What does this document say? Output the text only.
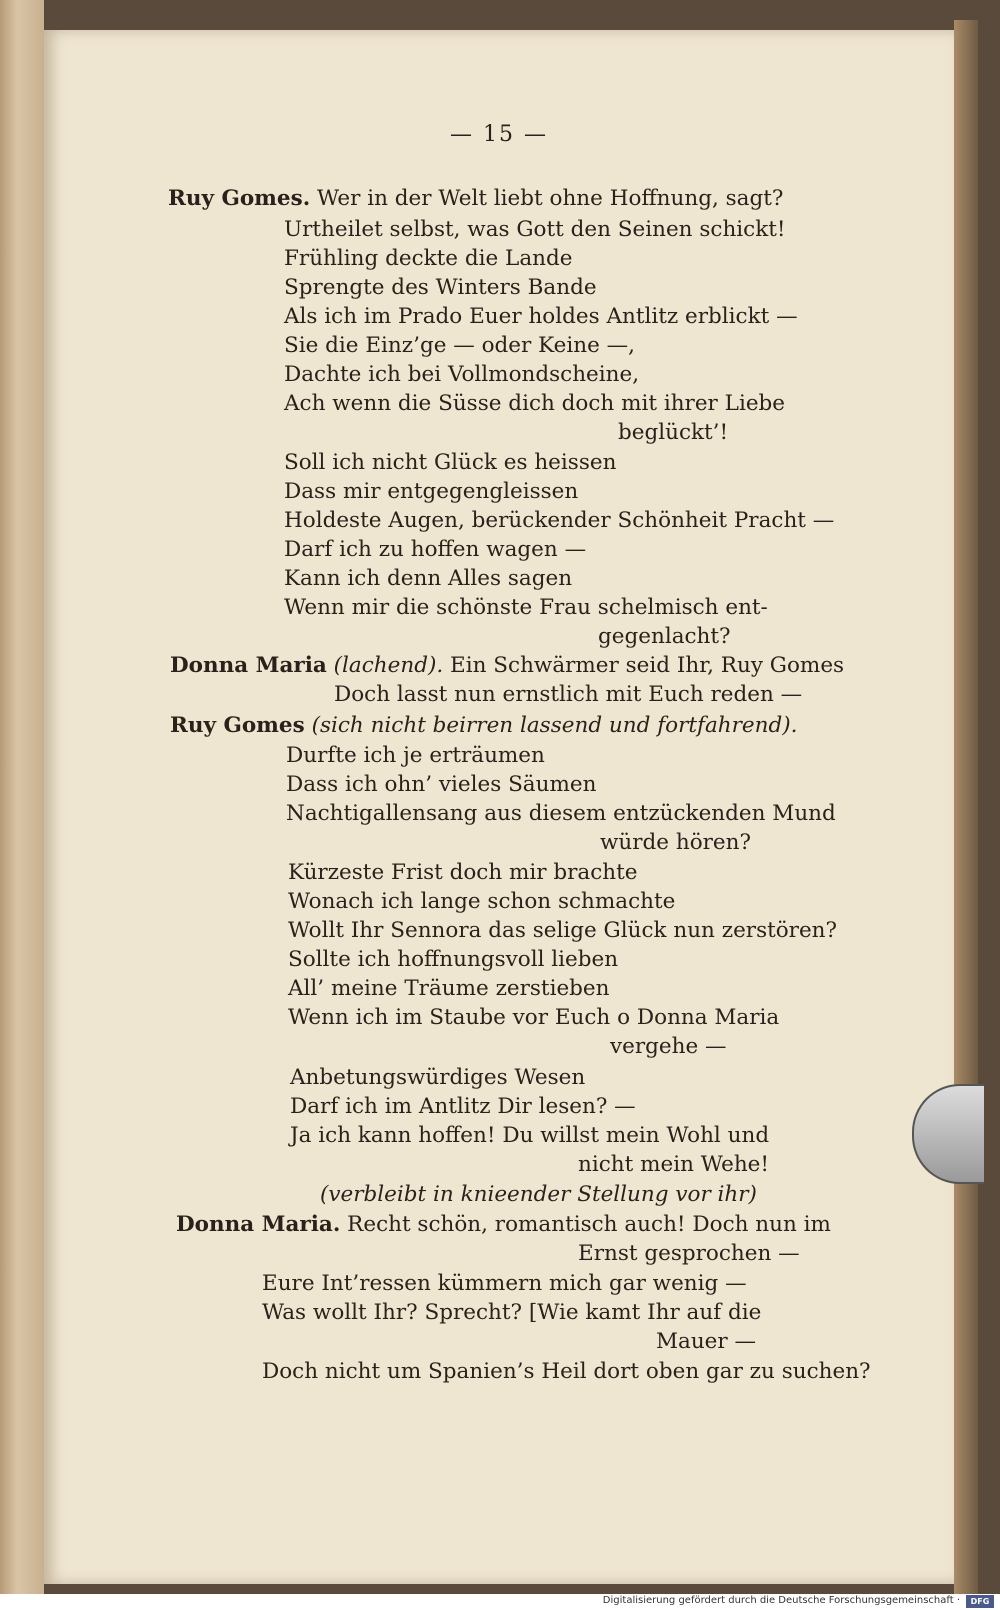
— 15 —
Ruy Gomes. Wer in der Welt liebt ohne Hoffnung, sagt?
Urtheilet selbst, was Gott den Seinen schickt!
Frühling deckte die Lande
Sprengte des Winters Bande
Als ich im Prado Euer holdes Antlitz erblickt —
Sie die Einz’ge — oder Keine —,
Dachte ich bei Vollmondscheine,
Ach wenn die Süsse dich doch mit ihrer Liebe
beglückt’!
Soll ich nicht Glück es heissen
Dass mir entgegengleissen
Holdeste Augen, berückender Schönheit Pracht —
Darf ich zu hoffen wagen —
Kann ich denn Alles sagen
Wenn mir die schönste Frau schelmisch ent-
gegenlacht?
Donna Maria (lachend). Ein Schwärmer seid Ihr, Ruy Gomes
Doch lasst nun ernstlich mit Euch reden —
Ruy Gomes (sich nicht beirren lassend und fortfahrend).
Durfte ich je erträumen
Dass ich ohn’ vieles Säumen
Nachtigallensang aus diesem entzückenden Mund
würde hören?
Kürzeste Frist doch mir brachte
Wonach ich lange schon schmachte
Wollt Ihr Sennora das selige Glück nun zerstören?
Sollte ich hoffnungsvoll lieben
All’ meine Träume zerstieben
Wenn ich im Staube vor Euch o Donna Maria
vergehe —
Anbetungswürdiges Wesen
Darf ich im Antlitz Dir lesen? —
Ja ich kann hoffen! Du willst mein Wohl und
nicht mein Wehe!
(verbleibt in knieender Stellung vor ihr)
Donna Maria. Recht schön, romantisch auch! Doch nun im
Ernst gesprochen —
Eure Int’ressen kümmern mich gar wenig —
Was wollt Ihr? Sprecht? [Wie kamt Ihr auf die
Mauer —
Doch nicht um Spanien’s Heil dort oben gar zu suchen?
Digitalisierung gefördert durch die Deutsche Forschungsgemeinschaft ·	DFG
